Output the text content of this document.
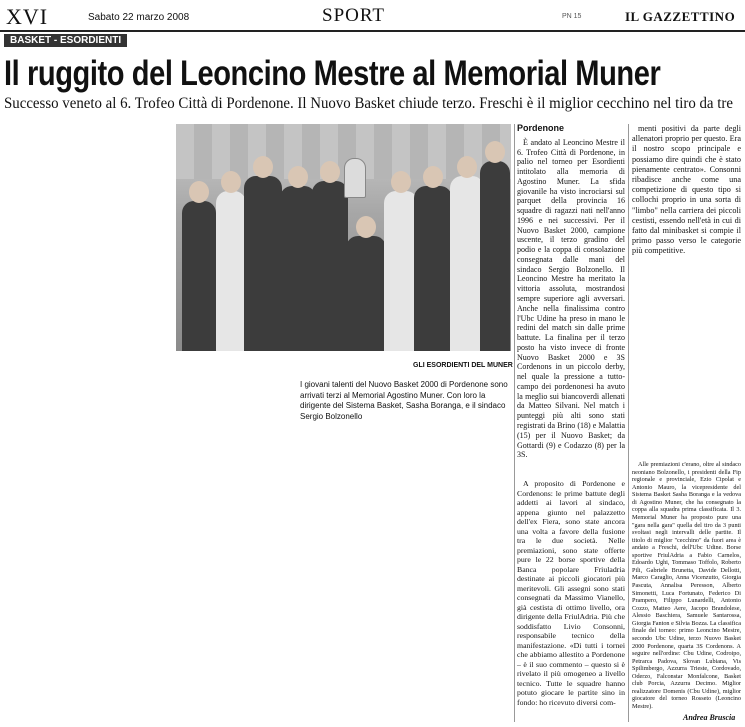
XVI	Sabato 22 marzo 2008	SPORT	PN 15	IL GAZZETTINO
BASKET - ESORDIENTI
Il ruggito del Leoncino Mestre al Memorial Muner
Successo veneto al 6. Trofeo Città di Pordenone. Il Nuovo Basket chiude terzo. Freschi è il miglior cecchino nel tiro da tre
GLI ESORDIENTI DEL MUNER
I giovani talenti del Nuovo Basket 2000 di Pordenone sono arrivati terzi al Memorial Agostino Muner. Con loro la dirigente del Sistema Basket, Sasha Boranga, e il sindaco Sergio Bolzonello
Pordenone

È andato al Leoncino Mestre il 6. Trofeo Città di Pordenone, in palio nel torneo per Esordienti intitolato alla memoria di Agostino Muner. La sfida giovanile ha visto incrociarsi sul parquet della provincia 16 squadre di ragazzi nati nell'anno 1996 e nei successivi. Per il Nuovo Basket 2000, campione uscente, il terzo gradino del podio e la coppa di consolazione consegnata dalle mani del sindaco Sergio Bolzonello. Il Leoncino Mestre ha meritato la vittoria assoluta, mostrandosi sempre superiore agli avversari. Anche nella finalissima contro l'Ubc Udine ha preso in mano le redini del match sin dalle prime battute. La finalina per il terzo posto ha visto invece di fronte Nuovo Basket 2000 e 3S Cordenons in un piccolo derby, nel quale la pressione a tutto-campo dei pordenonesi ha avuto la meglio sui biancoverdi allenati da Matteo Silvani. Nel match i punteggi più alti sono stati registrati da Brino (18) e Malattia (15) per il Nuovo Basket; da Gottardi (9) e Codazzo (8) per la 3S.

A proposito di Pordenone e Cordenons: le prime battute degli addetti ai lavori al sindaco, appena giunto nel palazzetto dell'ex Fiera, sono state ancora una volta a favore della fusione tra le due società. Nelle premiazioni, sono state offerte pure le 22 borse sportive della Banca popolare Friuladria destinate ai piccoli giocatori più meritevoli. Gli assegni sono stati consegnati da Massimo Vianello, già cestista di ottimo livello, ora dirigente della FriulAdria. Più che soddisfatto Livio Consonni, responsabile tecnico della manifestazione. «Di tutti i tornei che abbiamo allestito a Pordenone – è il suo commento – questo si è rivelato il più omogeneo a livello tecnico. Tutte le squadre hanno potuto giocare le partite sino in fondo: ho ricevuto diversi com-

menti positivi da parte degli allenatori proprio per questo. Era il nostro scopo principale e possiamo dire quindi che è stato pienamente centrato». Consonni ribadisce anche come una competizione di questo tipo si collochi proprio in una sorta di "limbo" nella carriera dei piccoli cestisti, essendo nell'età in cui di fatto dal minibasket si compie il primo passo verso le categorie più competitive.

Alle premiazioni c'erano, oltre al sindaco neoniano Bolzonello, i presidenti della Fip regionale e provinciale, Ezio Cipolat e Antonio Mauro, la vicepresidente del Sistema Basket Sasha Boranga e la vedova di Agostino Muner, che ha consegnato la coppa alla squadra prima classificata. Il 3. Memorial Muner ha proposto pure una "gara nella gara" quella del tiro da 3 punti svoltasi negli intervalli delle partite. Il titolo di miglior "cecchino" da fuori area è andato a Freschi, dell'Ubc Udine. Borse sportive FriulAdria a Fabio Carnelos, Edoardo Ughi, Tommaso Toffolo, Roberto Pili, Gabriele Brunetta, Davide Dellotti, Marco Caraglio, Anna Vicenzutto, Giorgia Pascuta, Annalisa Peresson, Alberto Simonetti, Luca Fortunato, Federico Di Prampero, Filippo Lunardelli, Antonio Cozzo, Matteo Aere, Jacopo Brandolese, Alessio Baschiera, Samuele Santarossa, Giorgia Fanton e Silvia Bozza. La classifica finale del torneo: primo Leoncino Mestre, secondo Ubc Udine, terzo Nuovo Basket 2000 Pordenone, quarta 3S Cordenons. A seguire nell'ordine: Cbu Udine, Codroipo, Petrarca Padova, Slovan Lubiana, Vis Spilimbergo, Azzurra Trieste, Cordovado, Oderzo, Falconstar Monfalcone, Basket club Porcia, Azzurra Decimo. Miglior realizzatore Domenis (Cbu Udine), miglior giocatore del torneo Rosseto (Leoncino Mestre).

Andrea Bruscia
